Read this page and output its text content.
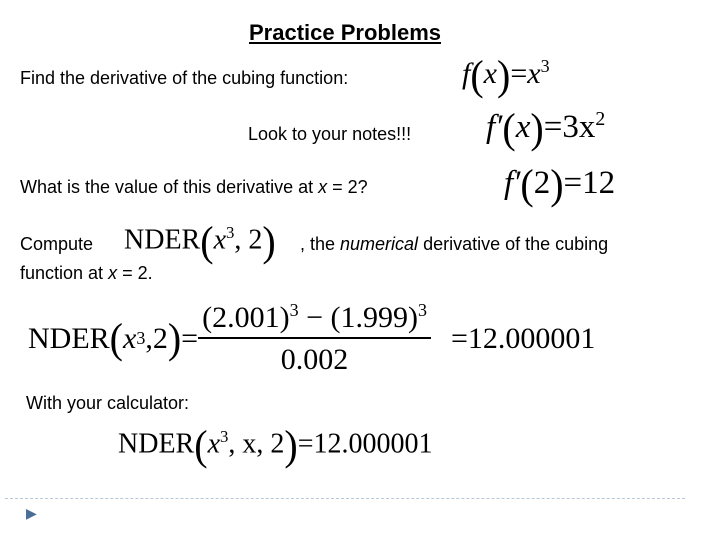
Practice Problems
Find the derivative of the cubing function:	$f(x)=x^3$
Look to your notes!!! $f'(x)=3x^2$
What is the value of this derivative at x = 2?	f′(2)=12
Compute $NDER(x^3$, 2) , the numerical derivative of the cubing
function at x = 2.
NDER ( x 3 , 2 ) = $\frac{(2.001)^3 - (1.999)^3}{0.002} = 12.000001$
With your calculator:
$NDER(x^3$, x, 2)=12.000001
▶
